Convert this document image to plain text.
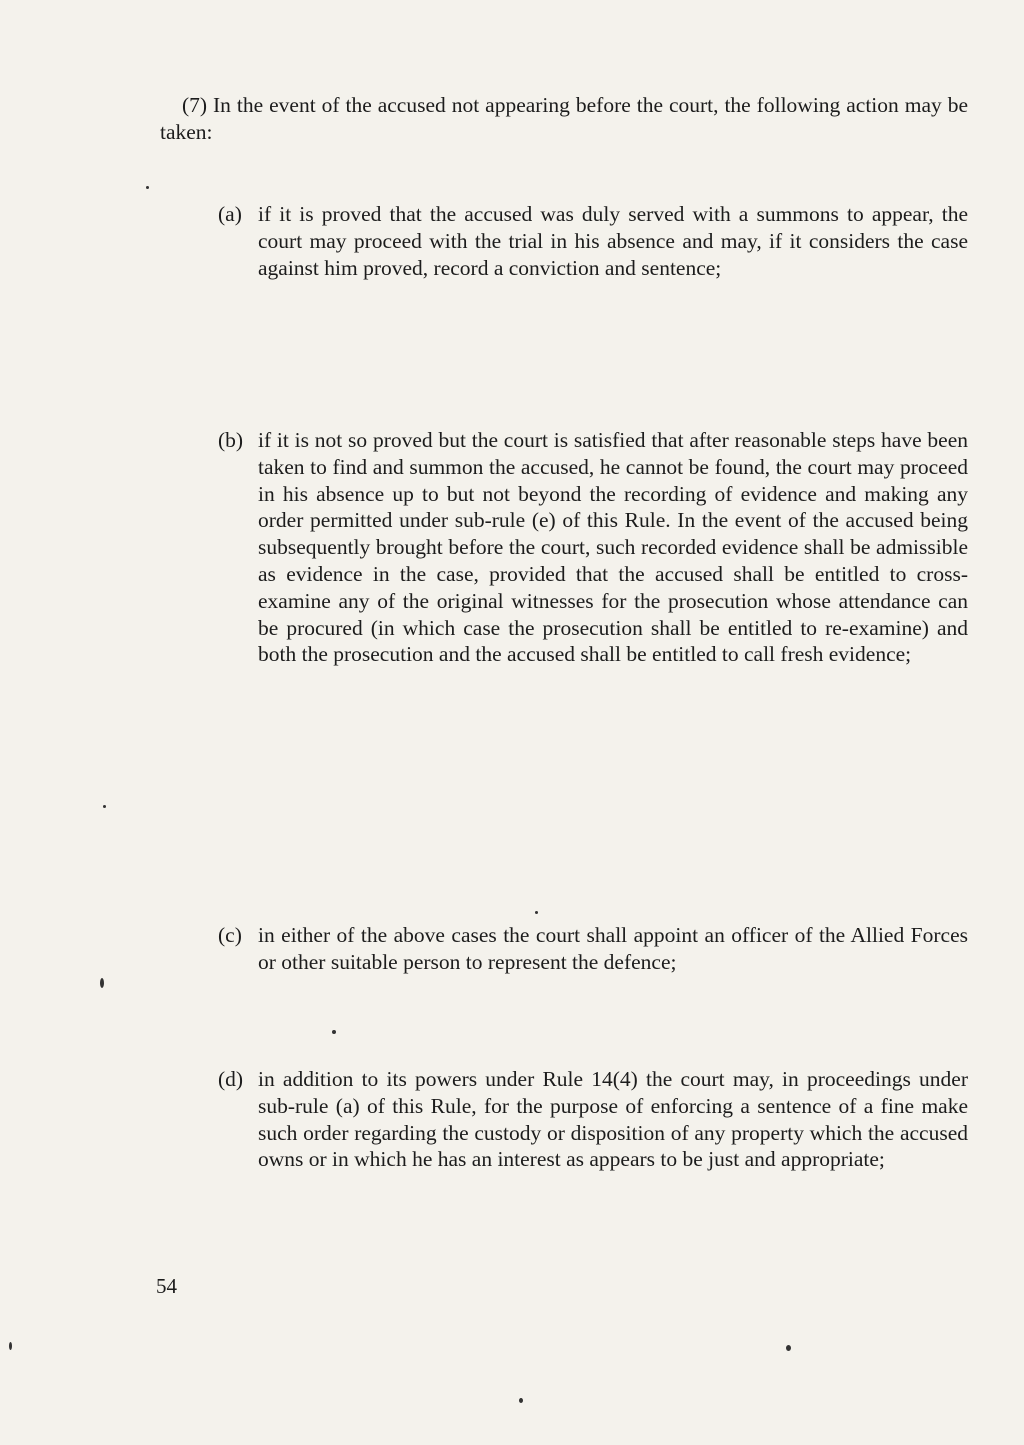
(7) In the event of the accused not appearing before the court, the following action may be taken:
(a) if it is proved that the accused was duly served with a summons to appear, the court may proceed with the trial in his absence and may, if it considers the case against him proved, record a conviction and sentence;
(b) if it is not so proved but the court is satisfied that after reasonable steps have been taken to find and summon the accused, he cannot be found, the court may proceed in his absence up to but not beyond the recording of evidence and making any order permitted under sub-rule (e) of this Rule. In the event of the accused being subsequently brought before the court, such recorded evidence shall be admissible as evidence in the case, provided that the accused shall be entitled to cross-examine any of the original witnesses for the prosecution whose attendance can be procured (in which case the prosecution shall be entitled to re-examine) and both the prosecution and the accused shall be entitled to call fresh evidence;
(c) in either of the above cases the court shall appoint an officer of the Allied Forces or other suitable person to represent the defence;
(d) in addition to its powers under Rule 14(4) the court may, in proceedings under sub-rule (a) of this Rule, for the purpose of enforcing a sentence of a fine make such order regarding the custody or disposition of any property which the accused owns or in which he has an interest as appears to be just and appropriate;
54
